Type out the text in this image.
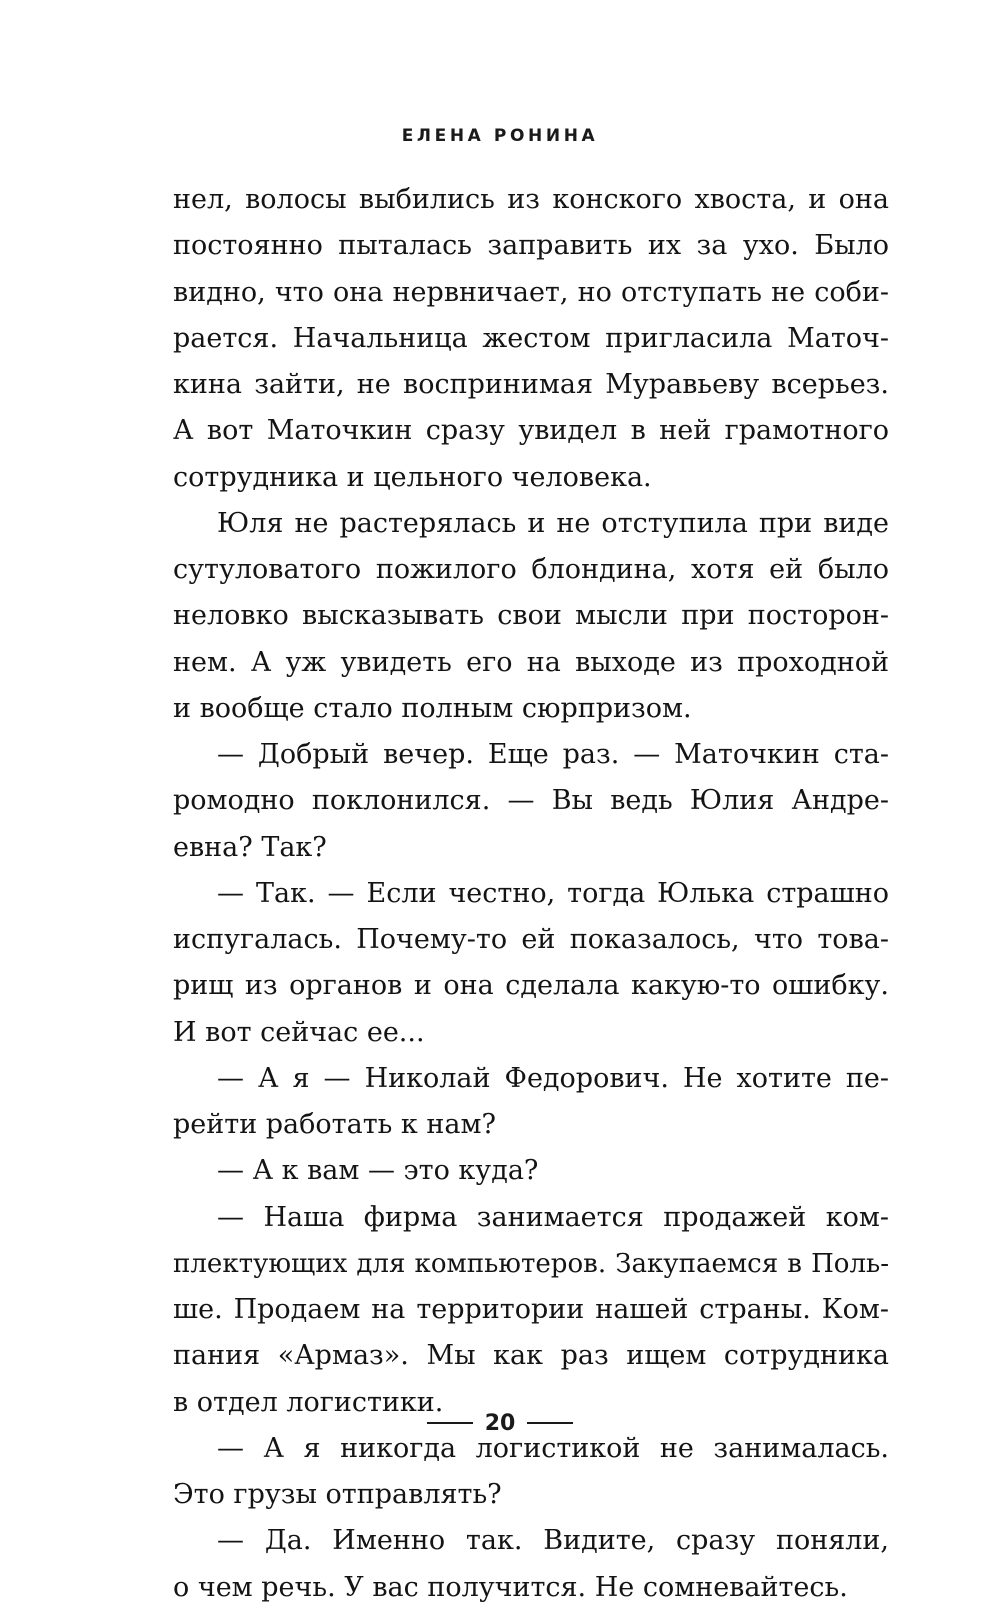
ЕЛЕНА РОНИНА
нел, волосы выбились из конского хвоста, и она
постоянно пыталась заправить их за ухо. Было
видно, что она нервничает, но отступать не соби-
рается. Начальница жестом пригласила Маточ-
кина зайти, не воспринимая Муравьеву всерьез.
А вот Маточкин сразу увидел в ней грамотного
сотрудника и цельного человека.
Юля не растерялась и не отступила при виде
сутуловатого пожилого блондина, хотя ей было
неловко высказывать свои мысли при посторон-
нем. А уж увидеть его на выходе из проходной
и вообще стало полным сюрпризом.
— Добрый вечер. Еще раз. — Маточкин ста-
ромодно поклонился. — Вы ведь Юлия Андре-
евна? Так?
— Так. — Если честно, тогда Юлька страшно
испугалась. Почему-то ей показалось, что това-
рищ из органов и она сделала какую-то ошибку.
И вот сейчас ее...
— А я — Николай Федорович. Не хотите пе-
рейти работать к нам?
— А к вам — это куда?
— Наша фирма занимается продажей ком-
плектующих для компьютеров. Закупаемся в Поль-
ше. Продаем на территории нашей страны. Ком-
пания «Армаз». Мы как раз ищем сотрудника
в отдел логистики.
— А я никогда логистикой не занималась.
Это грузы отправлять?
— Да. Именно так. Видите, сразу поняли,
о чем речь. У вас получится. Не сомневайтесь.
20
